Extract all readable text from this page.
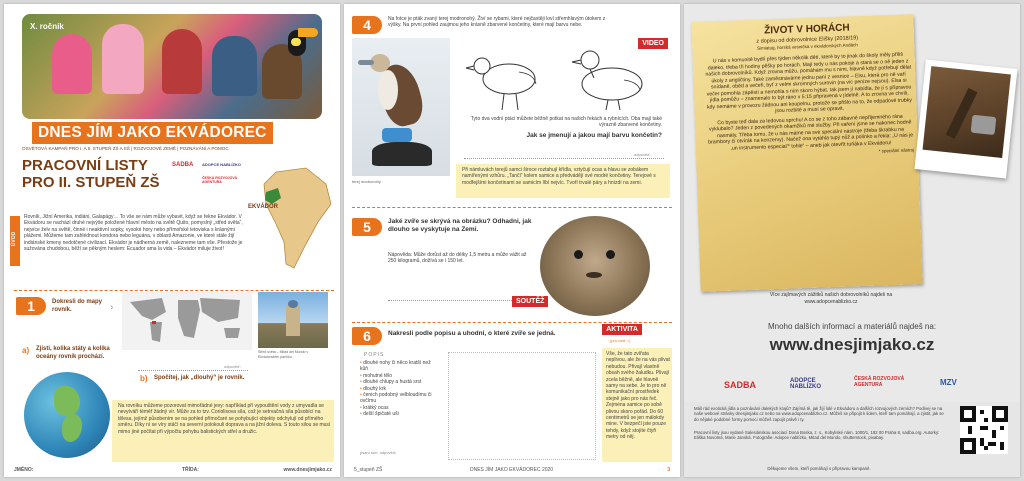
X. ročník
DNES JÍM JAKO EKVÁDOREC
OSVĚTOVÁ KAMPAŇ PRO I. A II. STUPEŇ ZŠ A SŠ | ROZVOJOVÉ ZEMĚ | POZNÁVÁNÍ A POMOC
PRACOVNÍ LISTY
PRO II. STUPEŇ ZŠ
SADBA ADOPCE NABLÍZKO
ČESKÁ ROZVOJOVÁ AGENTURA
EKVÁDOR
ÚVOD
Rovník, Jižní Amerika, indiáni, Galapágy… To vše se nám může vybavit, když se řekne Ekvádor. V Ekvádoru se nachází druhé nejvýše položené hlavní město na světě Quito, pomyslný „střed světa“, nejvíce želv na světě, činné i neaktivní sopky, vysoké hory nebo přímořské letoviska s krásnými plážemi. Můžeme tam zahlédnout kondora nebo leguána, v oblasti Amazonie, ve které stále žijí indiánské kmeny nedotčené civilizací. Ekvádor je nádherná země, nalezneme tam vše. Přestože je sužována chudobou, běží se pěkným heslem: Ecuador ama la vida – Ekvádor miluje život!
1	Dokresli do mapy rovník.	›
Střed světa – Mitad del Mundo v Ekvádorském parčíku.
a) Zjisti, kolika státy a kolika oceány rovník prochází.
odpověď:
b) Spočítej, jak „dlouhý“ je rovník.
Na rovníku můžeme pozorovat mimořádné jevy: například při vypouštění vody z umyvadla se nevytváří téměř žádný vír. Může za to tzv. Coriolisova síla, což je setrvačná síla působící na tělesa, jejímž působením se na pohled přímočaré se pohybující objekty odchylují od přímého směru. Díky ní se víry stáčí na severní polokouli doprava a na jižní doleva. S touto silou se musí mimo jiné počítat při výpočtu pohybu balistických střel a družic.
JMÉNO:	TŘÍDA:	www.dnesjimjako.cz
4	Na fotce je pták zvaný terej modronohý. Živí se rybami, které nejčastěji loví střemhlavým útokem z výšky. Na první pohled zaujmou jeho krásně zbarvené končetiny, které mají barvu nebe.
VIDEO
terej modronohý
Tyto dva vodní ptáci můžete běžně potkat na našich řekách a rybnících. Oba mají také výrazně zbarvené končetiny.
Jak se jmenují a jakou mají barvu končetin?
odpověď:
Při námluvách terejů samci široce roztahují křídla, vztyčují ocas a hlavu se zobákem namířenými vzhůru. „Tančí“ kolem samice a předvádějí své modré končetiny. Terejové s modřejšími končetinami se samicím líbí nejvíc. Tvoří trvalé páry a hnízdí na zemi.
5	Jaké zvíře se skrývá na obrázku? Odhadni, jak dlouho se vyskytuje na Zemi.
Nápověda: Může dorůst až do délky 1,5 metru a může vážit až 250 kilogramů, dožívá se i 150 let.
SOUTĚŽ
6	Nakresli podle popisu a uhodni, o které zvíře se jedná.
AKTIVITA
(pro celé ○)
POPIS
• dlouhé nohy či něco kratší než kůň
• mohutné tělo
• dlouhé chlupy a hustá srst
• dlouhý krk
• čenich podobný velbloudímu či ovčímu
• krátký ocas
• delší špičaté uši
psaní sun: odpověď:
Vše, že tato zvířata neplivou, ale že na vás plivat nebudou. Přivají vlastně obsah svého žaludku. Plivají zcela běžně, ale hlavně samy na sebe. Je to pro ně komunikační prostředek stejně jako pro nás řeč. Zejména samice po sobě plivou skoro pořád. Do 60 centimetrů se jen málokdy mine. V bezpečí jste pouze tehdy, když stojíte čtyři metry od něj.
5_stupeň ZŠ	DNES JÍM JAKO EKVÁDOREC 2020	3
ŽIVOT V HORÁCH
z dopisu od dobrovolnice Elišky (2018/19)
Simiatug, horská vesnička v ekvádorských Andách
U nás v komunitě bydlí přes týden několik dětí, které by to jinak do školy měly příliš daleko, třeba tři hodiny pěšky po horách. Mají tedy u nás pokoje a stará se o ně jeden z našich dobrovolníků. Když zrovna můžu, pomáhám mu s nimi, hlavně když potřebují dělat úkoly z angličtiny. Také zaměstnáváme jednu paní z vesnice – Elsu, která pro ně vaří snídaně, oběd a večeři, byť z velmi skromných surovin (na víc peníze nejsou). Elsa si večer pomohla zápěstí a nemohla s ním skoro hýbat, tak jsem jí nabídla, že jí s přípravou jídla pomůžu – znamenalo to být ráno v 5:15 připravená v jídelně. A to zrovna ve chvíli, kdy nemáme v provozu žádnou ani koupelnu, protože se přišlo na to, že odpadové trubky jsou rozbité a musí se opravit.
Co byste teď dala za ledovou sprchu! A co se z toho zábavné nepříjemného rána vyklubalo? Jeden z povedených okamžiků mé služby. Při vaření jsme se nakonec hodně nasmály. Třeba tomu, že u nás máme na své speciální nástroje (třeba škrabku na brambory či otvírák na konzervy). Načež ona vytáhla tupý nůž a polínko a řekla: „U nás je ,un instrumento especial‘* tohle“ – aneb jak otevřít tuňáka v Ekvádoru!
* speciální nástroj
Více zajímavých zážitků našich dobrovolníků najdeš na www.adopcenablizko.cz
Mnoho dalších informací a materiálů najdeš na:
www.dnesjimjako.cz
SADBA	ADOPCE NABLÍZKO
ČESKÁ ROZVOJOVÁ AGENTURA	MZV
Máš rád exotická jídla a poznávání dalekých krajů? Zajímá tě, jak žijí lidé v Ekvádoru a dalších rozvojových zemích? Podívej se na naše webové stránky dnesjimjako.cz nebo na www.adopcenablizko.cz. Můžeš se připojit k lidem, kteří tam pomáhají, a zjistit, jak se do nějaké podobné formy pomoci můžeš zapojit právě i ty.
Pracovní listy jsou vydané Salesiánskou asociací Dona Boska, z. s., Kobyliské nám. 1000/1, 182 00 Praha 8, sadba.org. Autorky: Eliška Novotná, Marie Janská. Fotografie: Adopce nablízko, Mitad del Mundo, shutterstock, pixabay.
Děkujeme všem, kteří pomáhají s přípravou kampaně.
